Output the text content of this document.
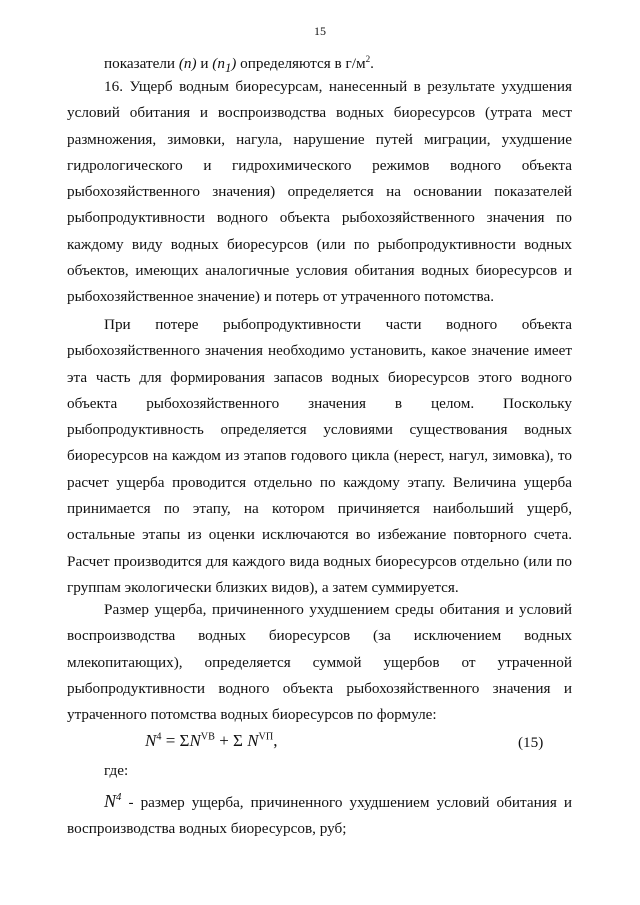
15

показатели (n) и $(n_1)$ определяются в $г/м^2$.

16. Ущерб водным биоресурсам, нанесенный в результате ухудшения условий обитания и воспроизводства водных биоресурсов (утрата мест размножения, зимовки, нагула, нарушение путей миграции, ухудшение гидрологического и гидрохимического режимов водного объекта рыбохозяйственного значения) определяется на основании показателей рыбопродуктивности водного объекта рыбохозяйственного значения по каждому виду водных биоресурсов (или по рыбопродуктивности водных объектов, имеющих аналогичные условия обитания водных биоресурсов и рыбохозяйственное значение) и потерь от утраченного потомства.

При потере рыбопродуктивности части водного объекта рыбохозяйственного значения необходимо установить, какое значение имеет эта часть для формирования запасов водных биоресурсов этого водного объекта рыбохозяйственного значения в целом. Поскольку рыбопродуктивность определяется условиями существования водных биоресурсов на каждом из этапов годового цикла (нерест, нагул, зимовка), то расчет ущерба проводится отдельно по каждому этапу. Величина ущерба принимается по этапу, на котором причиняется наибольший ущерб, остальные этапы из оценки исключаются во избежание повторного счета. Расчет производится для каждого вида водных биоресурсов отдельно (или по группам экологически близких видов), а затем суммируется.

Размер ущерба, причиненного ухудшением среды обитания и условий воспроизводства водных биоресурсов (за исключением водных млекопитающих), определяется суммой ущербов от утраченной рыбопродуктивности водного объекта рыбохозяйственного значения и утраченного потомства водных биоресурсов по формуле:

$N^4 = \Sigma N^{VB} + \Sigma$ $N^{VП}$,	(15)

где:

$N^4$ - размер ущерба, причиненного ухудшением условий обитания и воспроизводства водных биоресурсов, руб;
